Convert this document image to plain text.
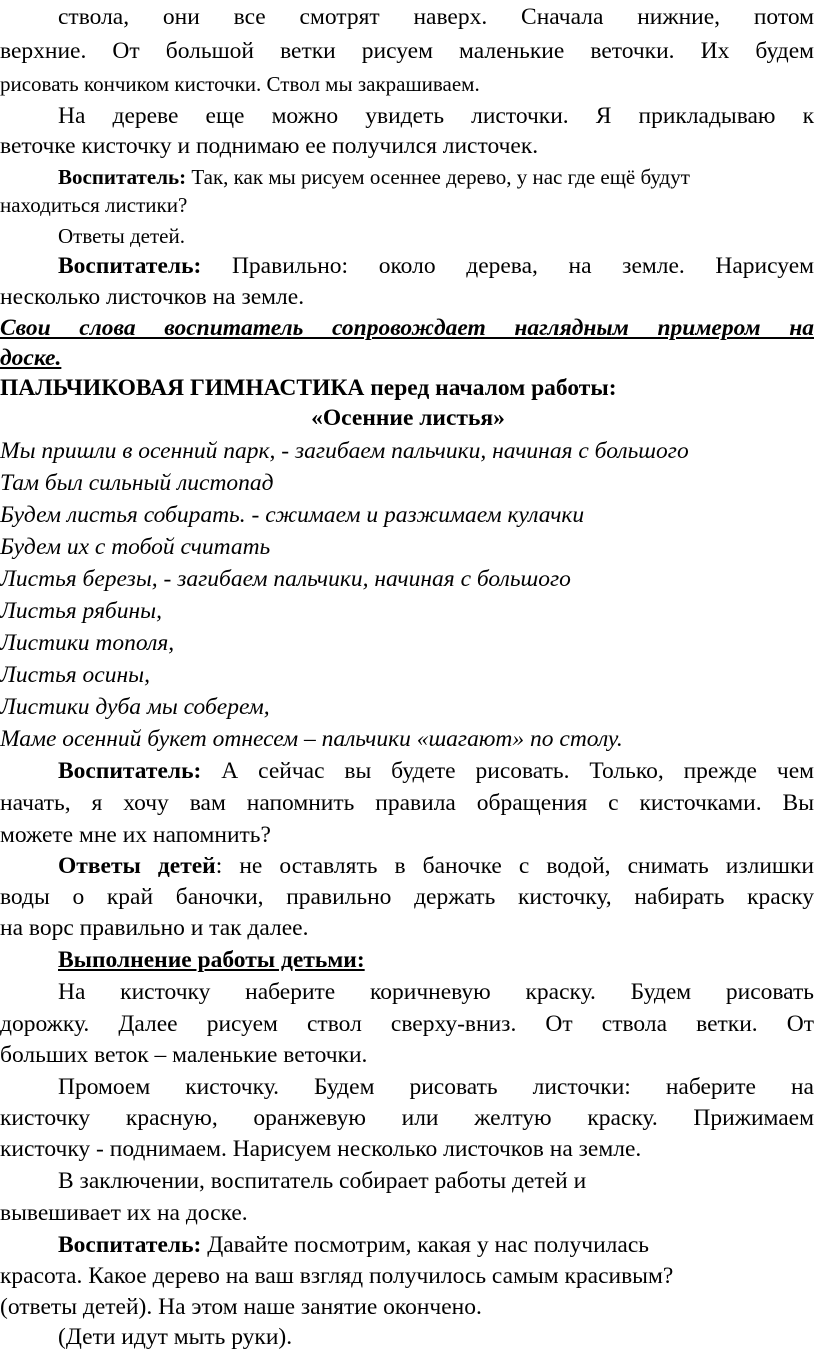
ствола, они все смотрят наверх. Сначала нижние, потом
верхние. От большой ветки рисуем маленькие веточки. Их будем
рисовать кончиком кисточки. Ствол мы закрашиваем.
На дереве еще можно увидеть листочки. Я прикладываю к
веточке кисточку и поднимаю ее получился листочек.
Воспитатель: Так, как мы рисуем осеннее дерево, у нас где ещё будут
находиться листики?
Ответы детей.
Воспитатель: Правильно: около дерева, на земле. Нарисуем
несколько листочков на земле.
Свои слова воспитатель сопровождает наглядным примером на
доске.
ПАЛЬЧИКОВАЯ ГИМНАСТИКА перед началом работы:
«Осенние листья»
Мы пришли в осенний парк, - загибаем пальчики, начиная с большого
Там был сильный листопад
Будем листья собирать. - сжимаем и разжимаем кулачки
Будем их с тобой считать
Листья березы, - загибаем пальчики, начиная с большого
Листья рябины,
Листики тополя,
Листья осины,
Листики дуба мы соберем,
Маме осенний букет отнесем – пальчики «шагают» по столу.
Воспитатель: А сейчас вы будете рисовать. Только, прежде чем
начать, я хочу вам напомнить правила обращения с кисточками. Вы
можете мне их напомнить?
Ответы детей: не оставлять в баночке с водой, снимать излишки
воды о край баночки, правильно держать кисточку, набирать краску
на ворс правильно и так далее.
Выполнение работы детьми:
На кисточку наберите коричневую краску. Будем рисовать
дорожку. Далее рисуем ствол сверху-вниз. От ствола ветки. От
больших веток – маленькие веточки.
Промоем кисточку. Будем рисовать листочки: наберите на
кисточку красную, оранжевую или желтую краску. Прижимаем
кисточку - поднимаем. Нарисуем несколько листочков на земле.
В заключении, воспитатель собирает работы детей и
вывешивает их на доске.
Воспитатель: Давайте посмотрим, какая у нас получилась
красота. Какое дерево на ваш взгляд получилось самым красивым?
(ответы детей). На этом наше занятие окончено.
(Дети идут мыть руки).
